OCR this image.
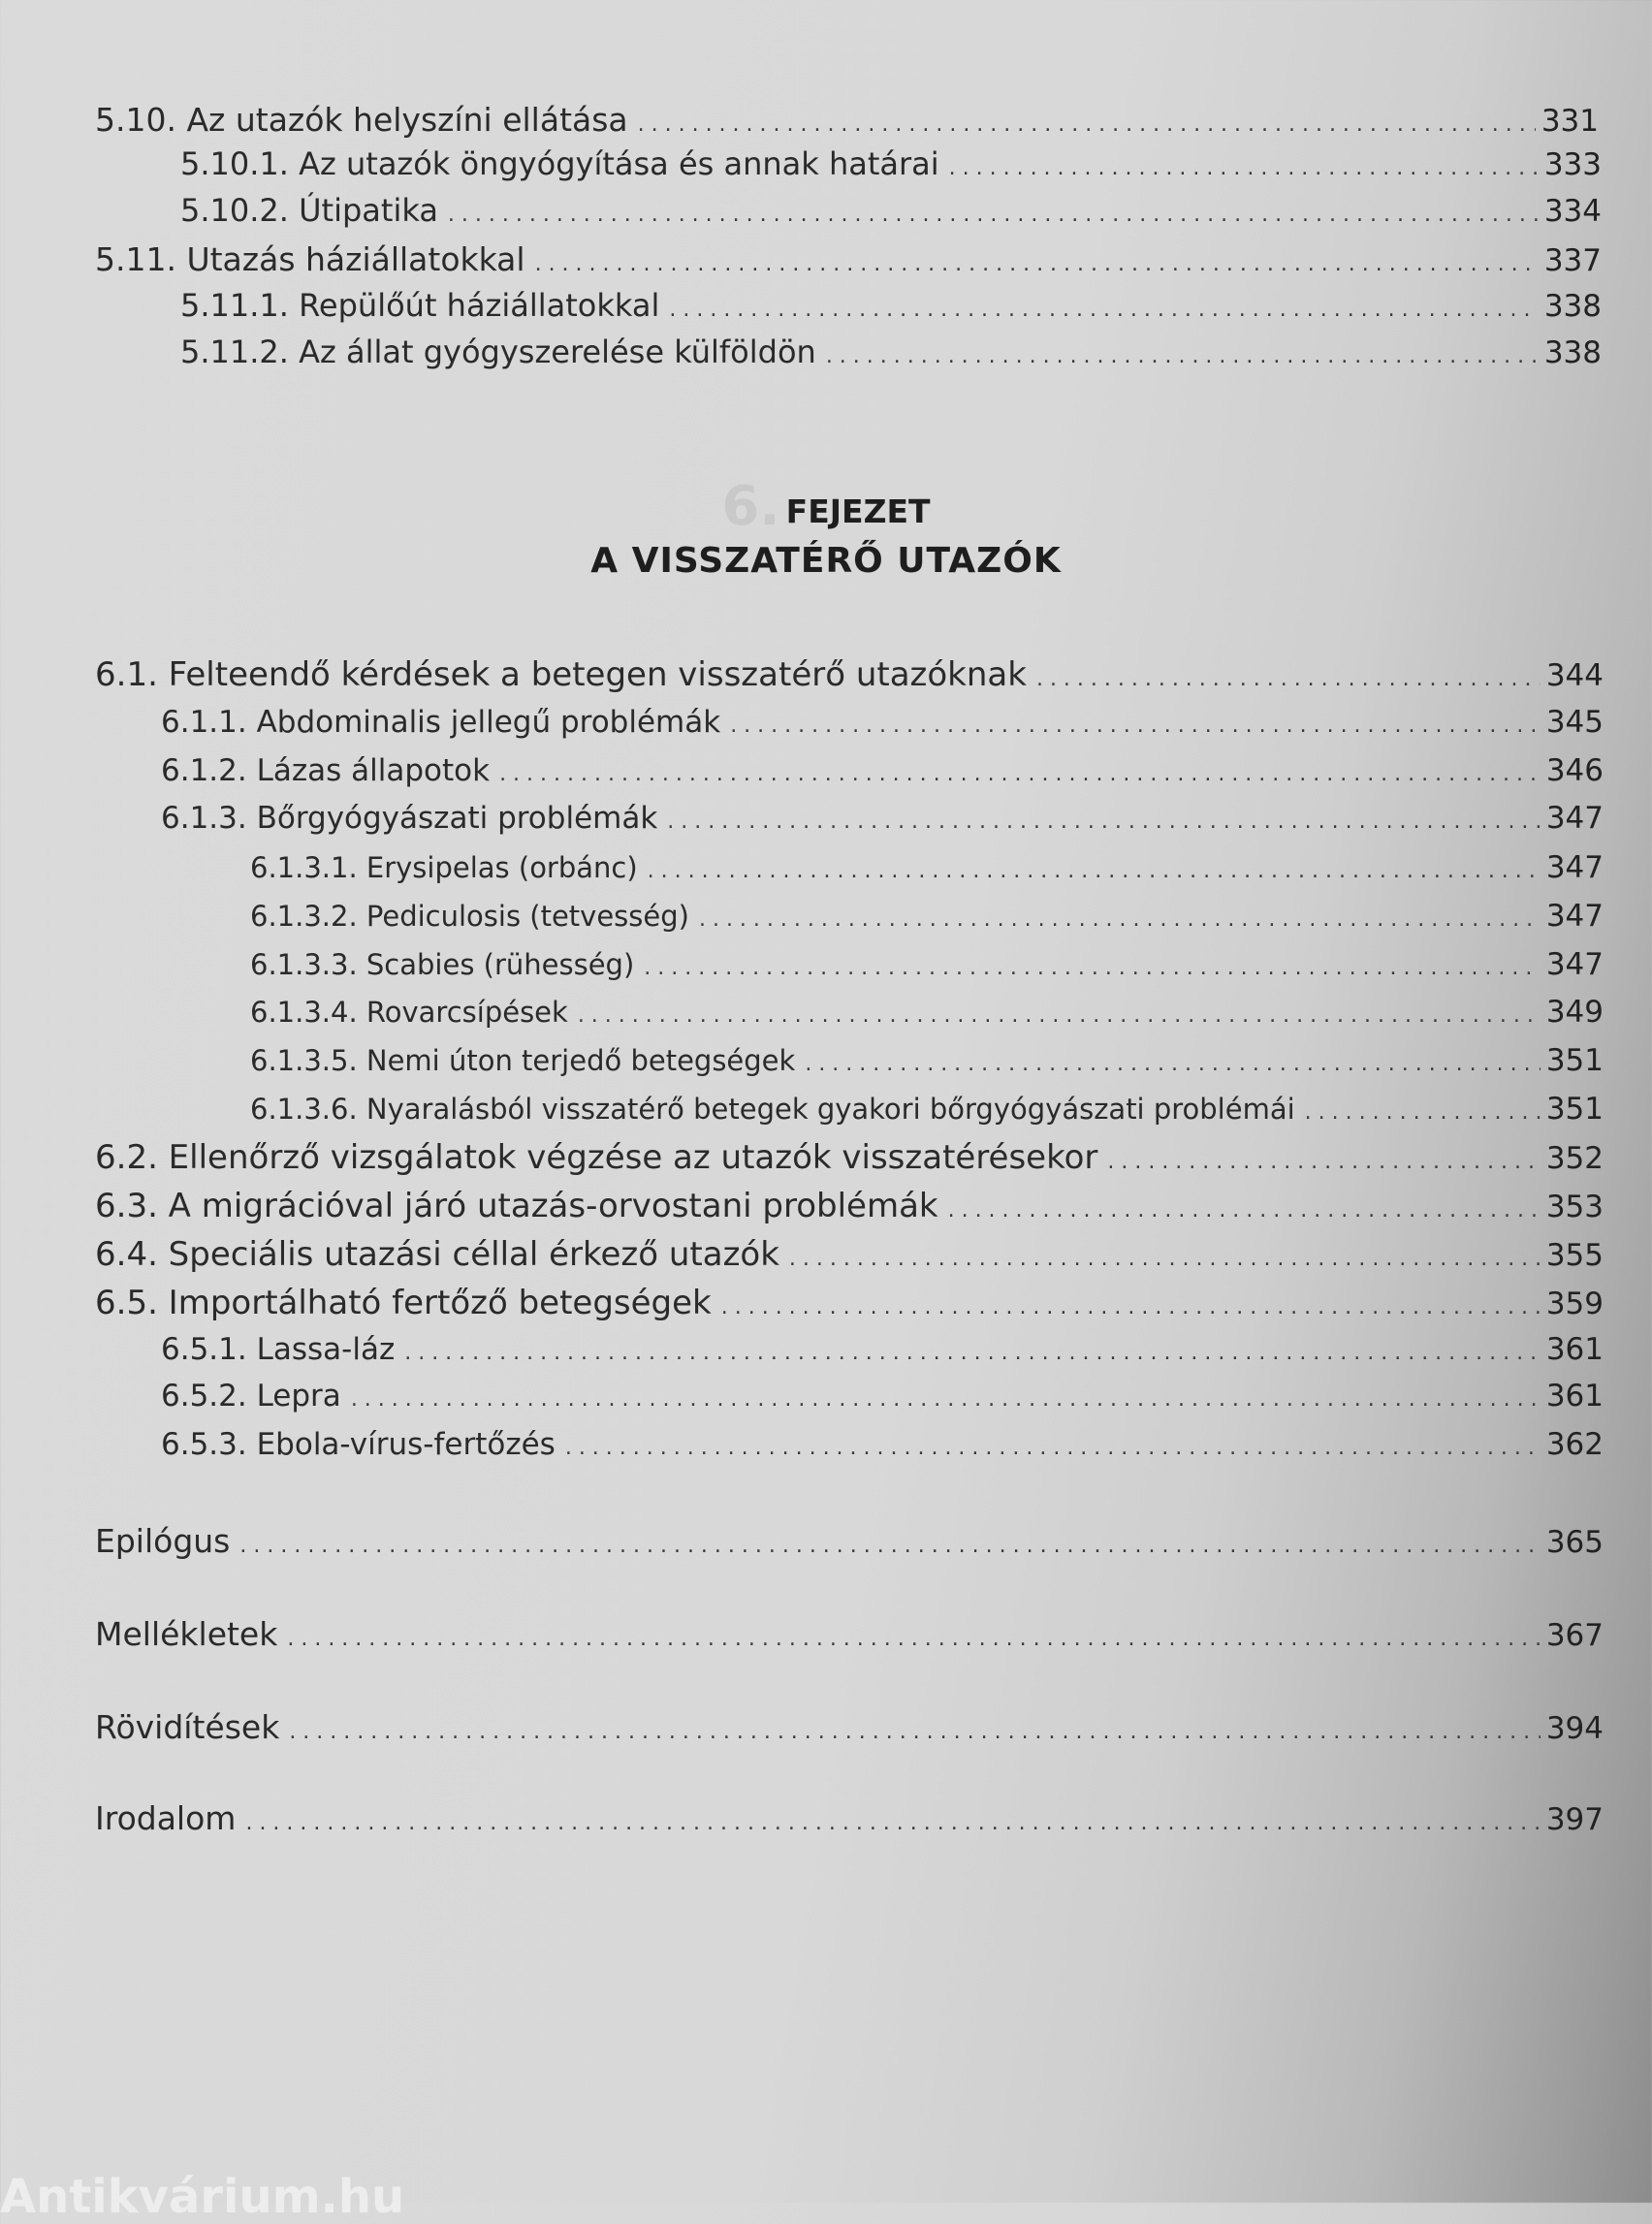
5.10. Az utazók helyszíni ellátása . . .	331
5.10.1. Az utazók öngyógyítása és annak határai . . .	333
5.10.2. Útipatika . . .	334
5.11. Utazás háziállatokkal . . .	337
5.11.1. Repülőút háziállatokkal . . .	338
5.11.2. Az állat gyógyszerelése külföldön . . .	338
6. FEJEZET
A VISSZATÉRŐ UTAZÓK
6.1. Felteendő kérdések a betegen visszatérő utazóknak . . .	344
6.1.1. Abdominalis jellegű problémák . . .	345
6.1.2. Lázas állapotok . . .	346
6.1.3. Bőrgyógyászati problémák . . .	347
6.1.3.1. Erysipelas (orbánc) . . .	347
6.1.3.2. Pediculosis (tetvesség) . . .	347
6.1.3.3. Scabies (rühesség) . . .	347
6.1.3.4. Rovarcsípések . . .	349
6.1.3.5. Nemi úton terjedő betegségek . . .	351
6.1.3.6. Nyaralásból visszatérő betegek gyakori bőrgyógyászati problémái . . .	351
6.2. Ellenőrző vizsgálatok végzése az utazók visszatérésekor . . .	352
6.3. A migrációval járó utazás-orvostani problémák . . .	353
6.4. Speciális utazási céllal érkező utazók . . .	355
6.5. Importálható fertőző betegségek . . .	359
6.5.1. Lassa-láz . . .	361
6.5.2. Lepra . . .	361
6.5.3. Ebola-vírus-fertőzés . . .	362
Epilógus . . .	365
Mellékletek . . .	367
Rövidítések . . .	394
Irodalom . . .	397
Antikvárium.hu
